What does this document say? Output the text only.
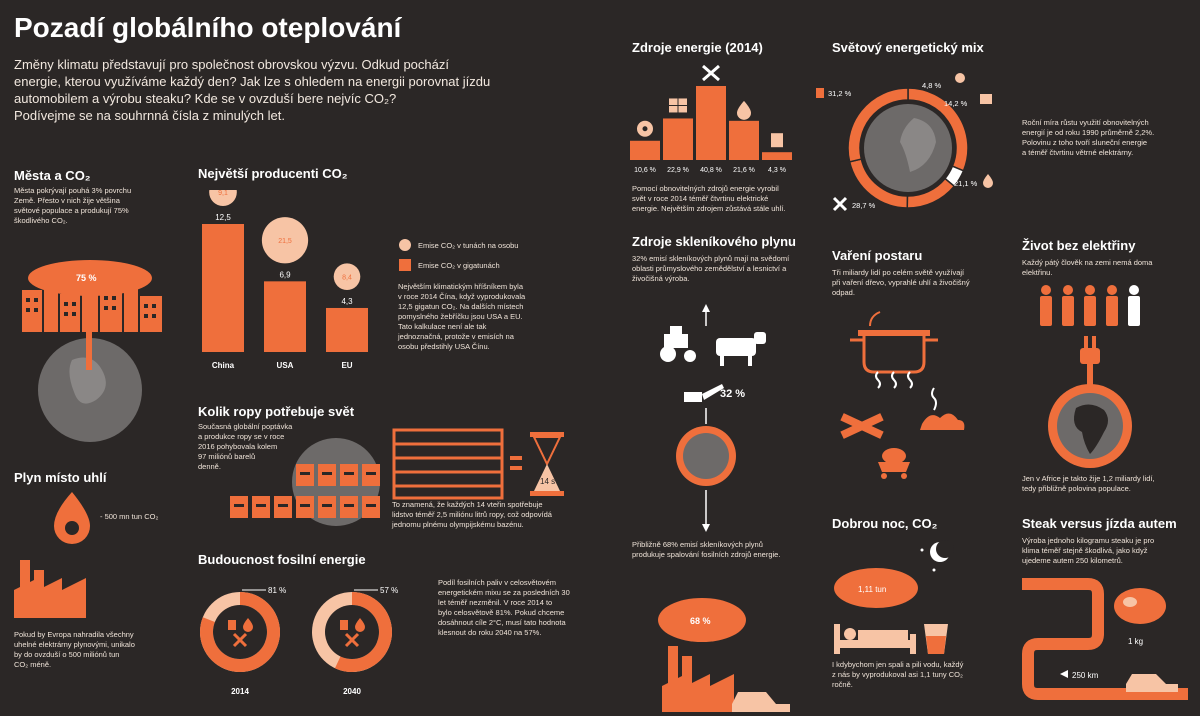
Pozadí globálního oteplování
Změny klimatu představují pro společnost obrovskou výzvu. Odkud pochází
energie, kterou využíváme každý den? Jak lze s ohledem na energii porovnat jízdu
automobilem a výrobu steaku? Kde se v ovzduší bere nejvíc CO₂?
Podívejme se na souhrnná čísla z minulých let.
Města a CO₂
Města pokrývají pouhá 3% povrchu
Země. Přesto v nich žije většina
světové populace a produkují 75%
škodlivého CO₂.
75 %
Plyn místo uhlí
- 500 mn tun CO₂
Pokud by Evropa nahradila všechny
uhelné elektrárny plynovými, unikalo
by do ovzduší o 500 miliónů tun
CO₂ méně.
Největší producenti CO₂
12,5
China
9,1
6,9
USA
21,5
4,3
EU
8,4
Emise CO₂ v tunách na osobu
Emise CO₂ v gigatunách
Největším klimatickým hříšníkem byla
v roce 2014 Čína, když vyprodukovala
12,5 gigatun CO₂. Na dalších místech
pomyslného žebříčku jsou USA a EU.
Tato kalkulace není ale tak
jednoznačná, protože v emisích na
osobu předstihly USA Čínu.
Kolik ropy potřebuje svět
Současná globální poptávka
a produkce ropy se v roce
2016 pohybovala kolem
97 miliónů barelů
denně.
14 s
To znamená, že každých 14 vteřin spotřebuje
lidstvo téměř 2,5 miliónu litrů ropy, což odpovídá
jednomu plnému olympijskému bazénu.
Budoucnost fosilní energie
81 %
2014
57 %
2040
Podíl fosilních paliv v celosvětovém
energetickém mixu se za posledních 30
let téměř nezměnil. V roce 2014 to
bylo celosvětově 81%. Pokud chceme
dosáhnout cíle 2°C, musí tato hodnota
klesnout do roku 2040 na 57%.
Zdroje energie (2014)
10,6 % 22,9 % 40,8 % 21,6 % 4,3 %
Pomocí obnovitelných zdrojů energie vyrobil
svět v roce 2014 téměř čtvrtinu elektrické
energie. Největším zdrojem zůstává stále uhlí.
Zdroje skleníkového plynu
32% emisí skleníkových plynů mají na svědomí
oblasti průmyslového zemědělství a lesnictví a
živočišná výroba.
32 %
Přibližně 68% emisí skleníkových plynů
produkuje spalování fosilních zdrojů energie.
68 %
Světový energetický mix
31,2 %
4,8 %
14,2 %
21,1 %
28,7 %
Roční míra růstu využití obnovitelných
energií je od roku 1990 průměrně 2,2%.
Polovinu z toho tvoří sluneční energie
a téměř čtvrtinu větrné elektrárny.
Vaření postaru
Tři miliardy lidí po celém světě využívají
při vaření dřevo, vyprahlé uhlí a živočišný
odpad.
Dobrou noc, CO₂
1,11 tun
I kdybychom jen spali a pili vodu, každý
z nás by vyprodukoval asi 1,1 tuny CO₂
ročně.
Život bez elektřiny
Každý pátý člověk na zemi nemá doma
elektřinu.
Jen v Africe je takto žije 1,2 miliardy lidí,
tedy přibližně polovina populace.
Steak versus jízda autem
Výroba jednoho kilogramu steaku je pro
klima téměř stejně škodlivá, jako když
ujedeme autem 250 kilometrů.
1 kg
250 km
